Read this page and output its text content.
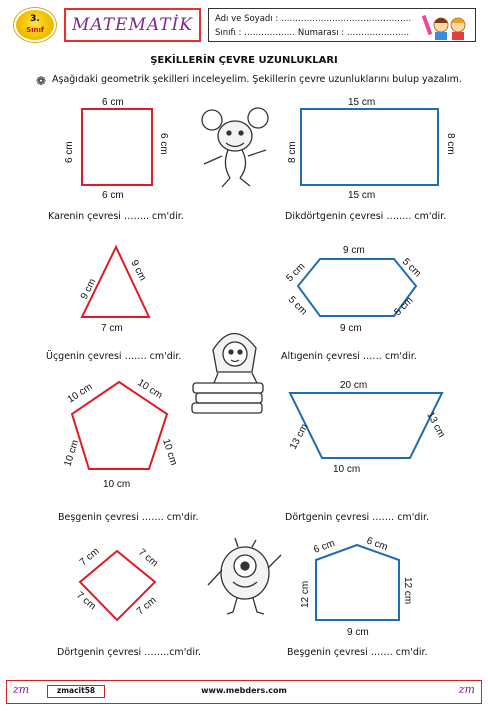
3.
Sınıf	MATEMATİK	Adı ve Soyadı : ……………………………………….
Sınıfı : ……………… Numarası : ………………….
ŞEKİLLERİN ÇEVRE UZUNLUKLARI
❁ Aşağıdaki geometrik şekilleri inceleyelim. Şekillerin çevre uzunluklarını bulup yazalım.
6 cm
6 cm
6 cm	6 cm
15 cm
15 cm
8 cm	8 cm
9 cm
9 cm
7 cm
9 cm
9 cm
5 cm
5 cm
5 cm
5 cm
10 cm	10 cm
10 cm	10 cm
10 cm
20 cm
13 cm	13 cm
10 cm
7 cm	7 cm
7 cm	7 cm
6 cm	6 cm
12 cm	12 cm
9 cm
Karenin çevresi …….. cm'dir.	Dikdörtgenin çevresi …….. cm'dir.
Üçgenin çevresi ……. cm'dir.	Altıgenin çevresi …… cm'dir.
Beşgenin çevresi ……. cm'dir.	Dörtgenin çevresi ……. cm'dir.
Dörtgenin çevresi ……..cm'dir.	Beşgenin çevresi ……. cm'dir.
zm	zmacit58	www.mebders.com	zm
